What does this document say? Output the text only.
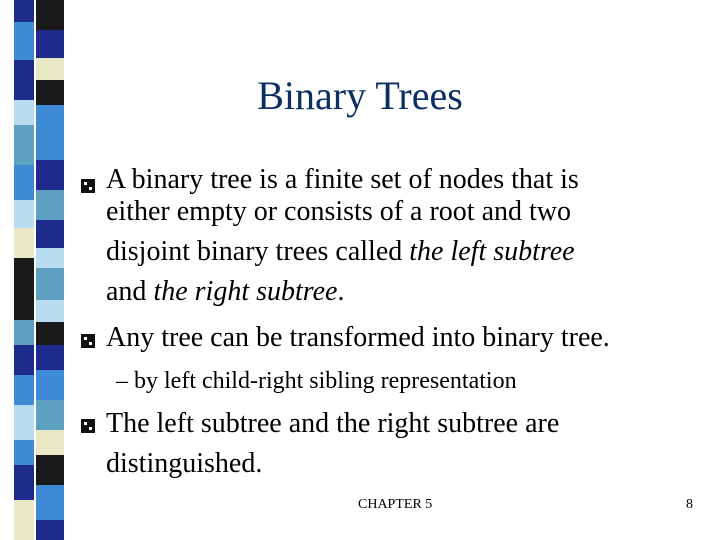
Binary Trees
A binary tree is a finite set of nodes that is
either empty or consists of a root and two
disjoint binary trees called the left subtree
and the right subtree.
Any tree can be transformed into binary tree.
– by left child-right sibling representation
The left subtree and the right subtree are
distinguished.
CHAPTER 5	8
